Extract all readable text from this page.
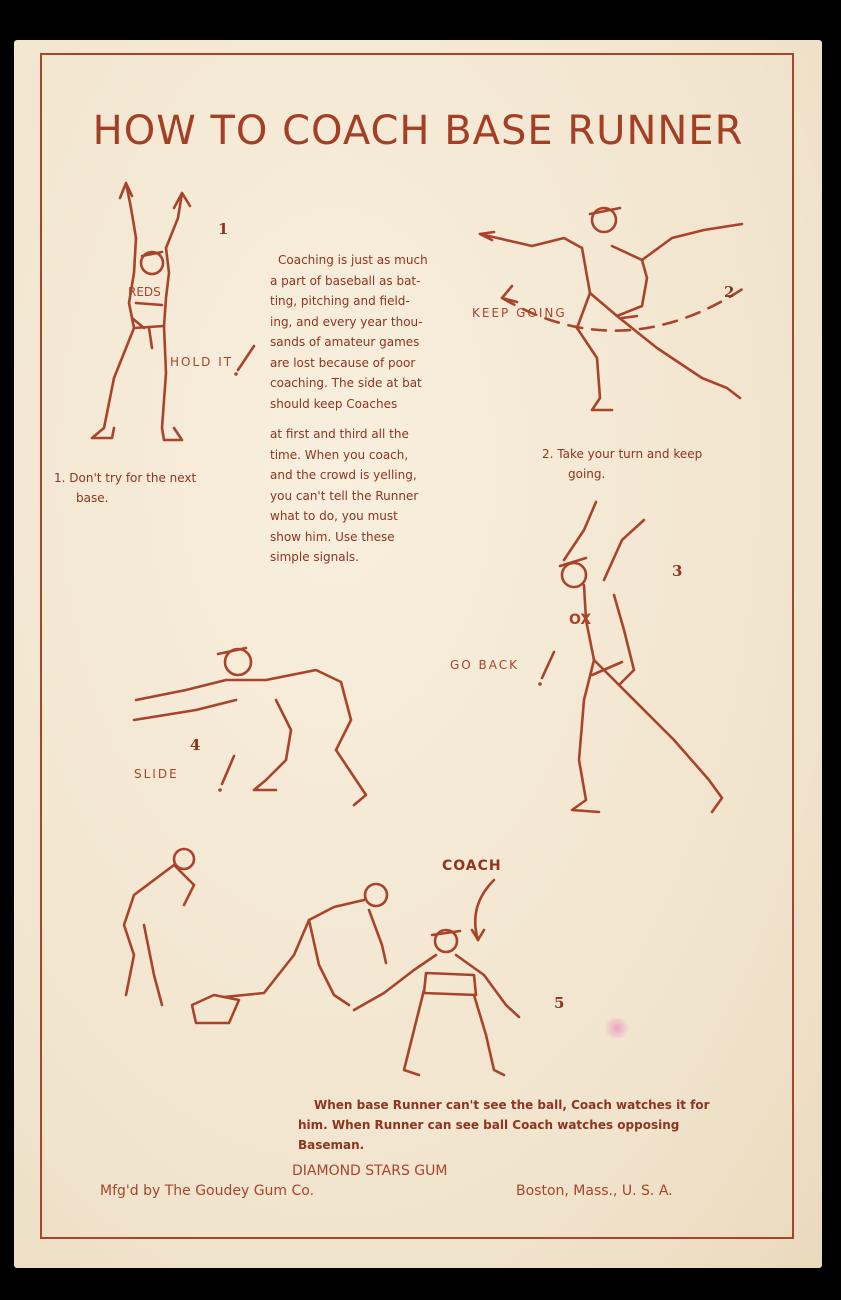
HOW TO COACH BASE RUNNER
REDS
1
HOLD IT
1. Don't try for the next
base.
Coaching is just as much
a part of baseball as bat-
ting, pitching and field-
ing, and every year thou-
sands of amateur games
are lost because of poor
coaching. The side at bat
should keep Coaches
at first and third all the
time. When you coach,
and the crowd is yelling,
you can't tell the Runner
what to do, you must
show him. Use these
simple signals.
2
KEEP GOING
2. Take your turn and keep
going.
OX
3
GO BACK
4
SLIDE
COACH
5
When base Runner can't see the ball, Coach watches it for
him. When Runner can see ball Coach watches opposing
Baseman.
DIAMOND STARS GUM
Mfg'd by The Goudey Gum Co.	Boston, Mass., U. S. A.
